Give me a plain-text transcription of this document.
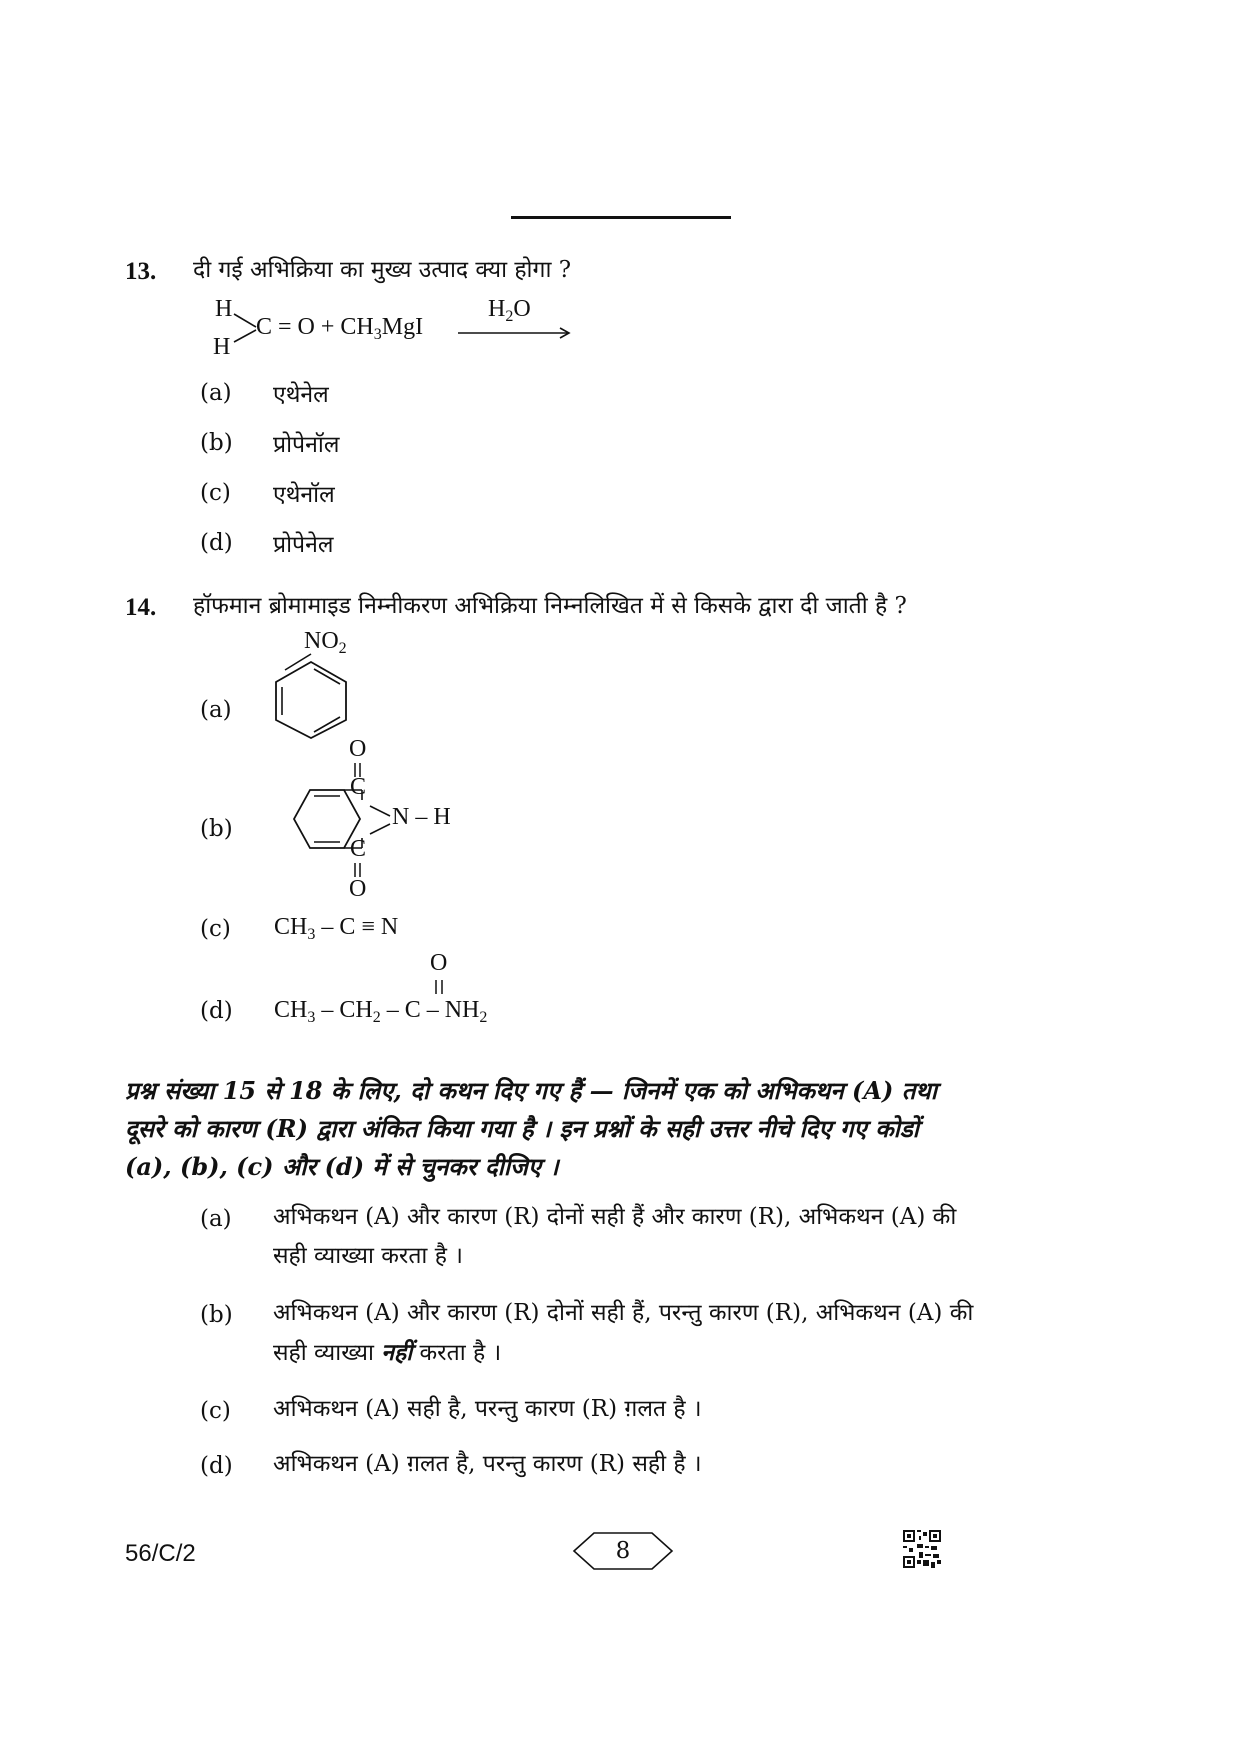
13. दी गई अभिक्रिया का मुख्य उत्पाद क्या होगा ?
H
H
$C = O + CH_3MgI$
$H_2O$
(a) एथेनेल
(b) प्रोपेनॉल
(c) एथेनॉल
(d) प्रोपेनेल
14. हॉफमान ब्रोमामाइड निम्नीकरण अभिक्रिया निम्नलिखित में से किसके द्वारा दी जाती है ?
(a)
$NO_2$
(b)
O
C
N – H
C
O
(c) $CH_3 - C \equiv N$
(d)
O
$CH_3 - CH_2$ – C – $NH_2$
प्रश्न संख्या 15 से 18 के लिए, दो कथन दिए गए हैं — जिनमें एक को अभिकथन (A) तथा
दूसरे को कारण (R) द्वारा अंकित किया गया है । इन प्रश्नों के सही उत्तर नीचे दिए गए कोडों
(a), (b), (c) और (d) में से चुनकर दीजिए ।
(a) अभिकथन (A) और कारण (R) दोनों सही हैं और कारण (R), अभिकथन (A) की
सही व्याख्या करता है ।
(b) अभिकथन (A) और कारण (R) दोनों सही हैं, परन्तु कारण (R), अभिकथन (A) की
सही व्याख्या नहीं करता है ।
(c) अभिकथन (A) सही है, परन्तु कारण (R) ग़लत है ।
(d) अभिकथन (A) ग़लत है, परन्तु कारण (R) सही है ।
56/C/2	8
